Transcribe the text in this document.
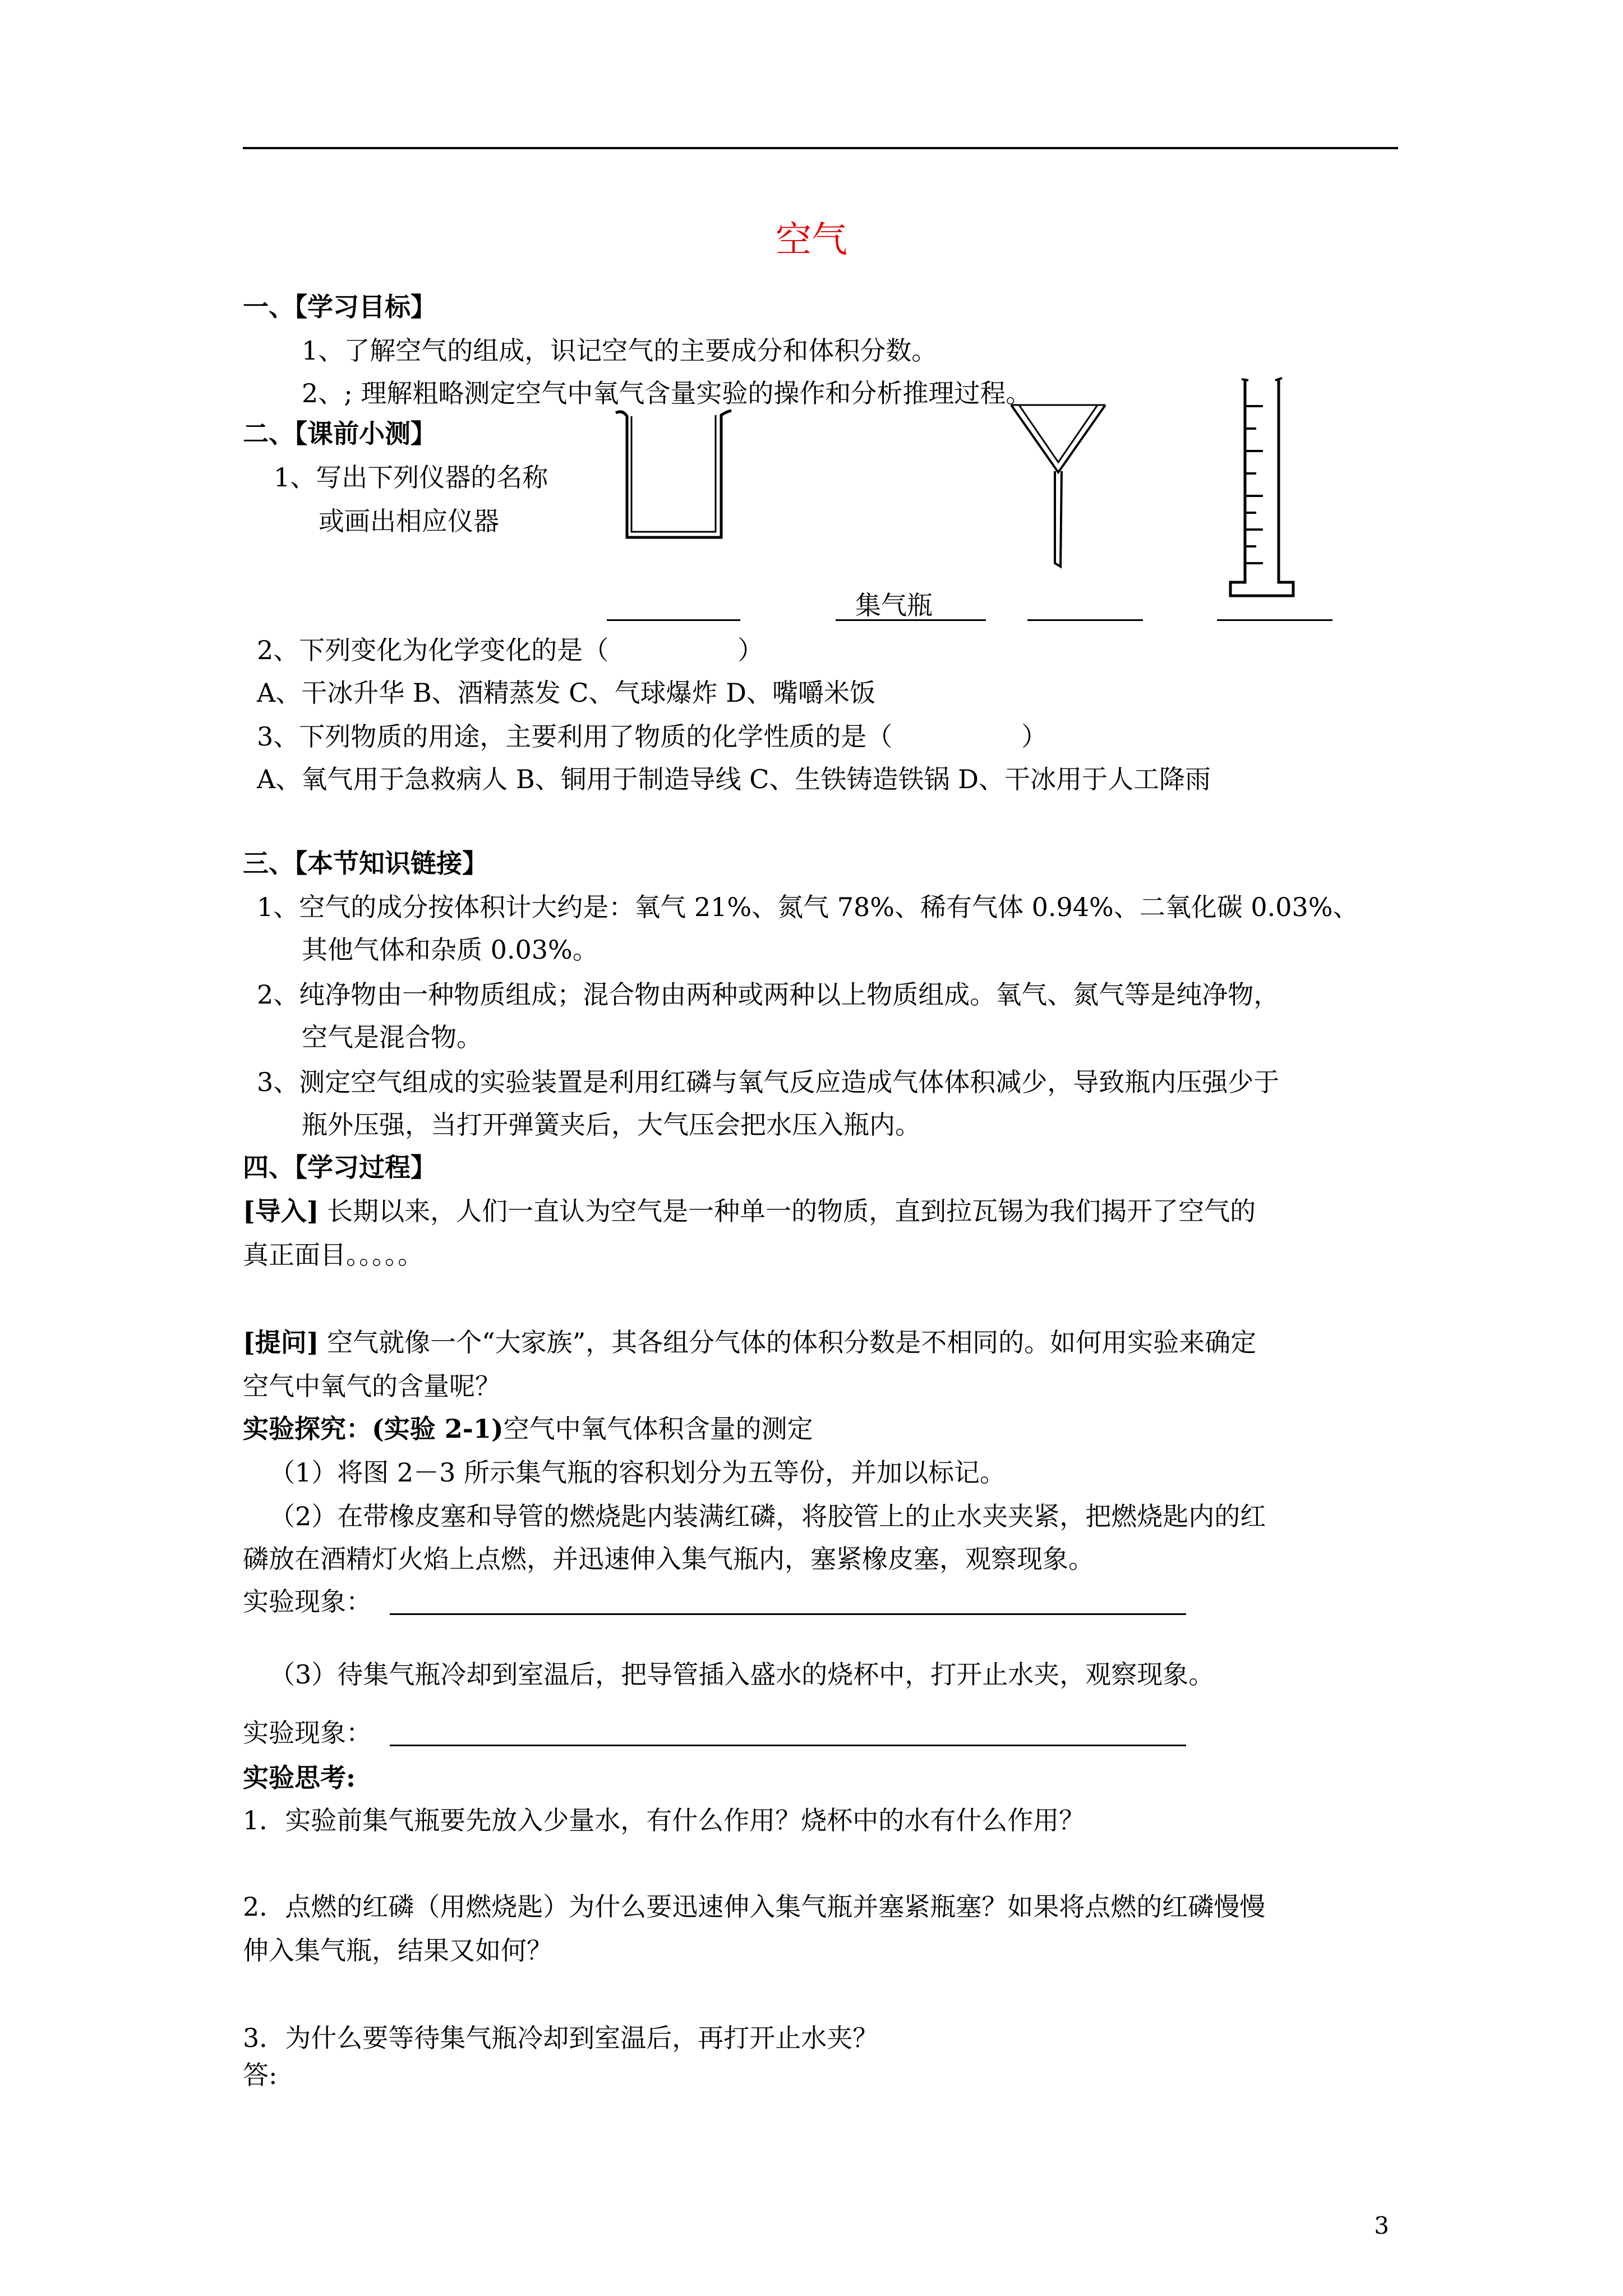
空气
一、【学习目标】
1、了解空气的组成，识记空气的主要成分和体积分数。
2、; 理解粗略测定空气中氧气含量实验的操作和分析推理过程。
二、【课前小测】
1、写出下列仪器的名称
或画出相应仪器
集气瓶
2、下列变化为化学变化的是（　　　　　）
A、干冰升华 B、酒精蒸发 C、气球爆炸 D、嘴嚼米饭
3、下列物质的用途，主要利用了物质的化学性质的是（　　　　　）
A、氧气用于急救病人 B、铜用于制造导线 C、生铁铸造铁锅 D、干冰用于人工降雨
三、【本节知识链接】
1、空气的成分按体积计大约是：氧气 21%、氮气 78%、稀有气体 0.94%、二氧化碳 0.03%、
其他气体和杂质 0.03%。
2、纯净物由一种物质组成；混合物由两种或两种以上物质组成。氧气、氮气等是纯净物，
空气是混合物。
3、测定空气组成的实验装置是利用红磷与氧气反应造成气体体积减少，导致瓶内压强少于
瓶外压强，当打开弹簧夹后，大气压会把水压入瓶内。
四、【学习过程】
[导入] 长期以来，人们一直认为空气是一种单一的物质，直到拉瓦锡为我们揭开了空气的
真正面目。。。。。
[提问] 空气就像一个“大家族”，其各组分气体的体积分数是不相同的。如何用实验来确定
空气中氧气的含量呢？
实验探究：(实验 2-1)空气中氧气体积含量的测定
（1）将图 2－3 所示集气瓶的容积划分为五等份，并加以标记。
（2）在带橡皮塞和导管的燃烧匙内装满红磷，将胶管上的止水夹夹紧，把燃烧匙内的红
磷放在酒精灯火焰上点燃，并迅速伸入集气瓶内，塞紧橡皮塞，观察现象。
实验现象：
（3）待集气瓶冷却到室温后，把导管插入盛水的烧杯中，打开止水夹，观察现象。
实验现象：
实验思考:
1．实验前集气瓶要先放入少量水，有什么作用？烧杯中的水有什么作用？
2．点燃的红磷（用燃烧匙）为什么要迅速伸入集气瓶并塞紧瓶塞？如果将点燃的红磷慢慢
伸入集气瓶，结果又如何？
3．为什么要等待集气瓶冷却到室温后，再打开止水夹？
答:
3
